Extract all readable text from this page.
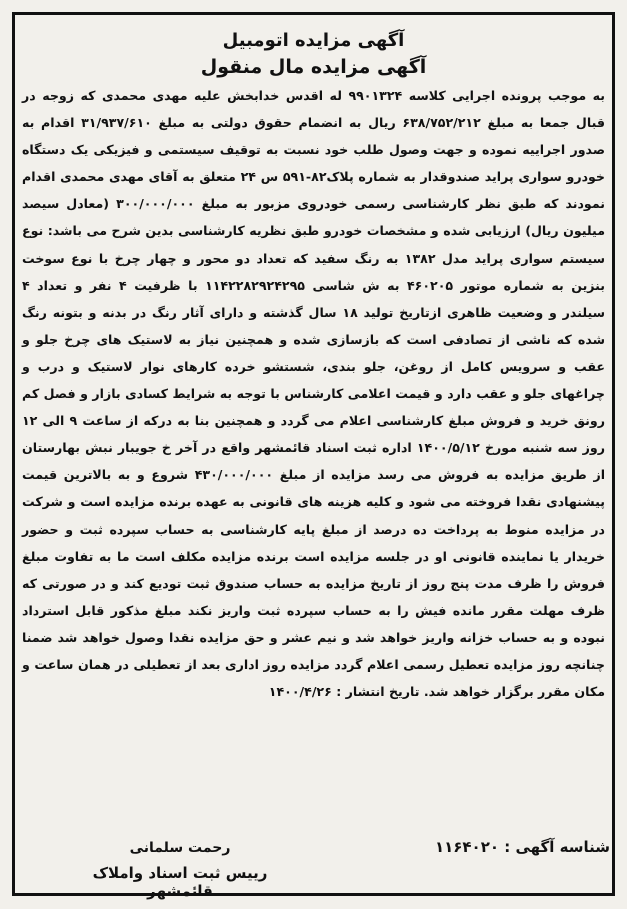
آگهی مزایده اتومبیل

آگهی مزایده مال منقول

به موجب پرونده اجرایی کلاسه ۹۹۰۱۳۲۴ له اقدس خدابخش علیه مهدی محمدی که زوجه در قبال جمعا به مبلغ ۶۳۸/۷۵۲/۲۱۲ ریال به انضمام حقوق دولتی به مبلغ ۳۱/۹۳۷/۶۱۰ اقدام به صدور اجراییه نموده و جهت وصول طلب خود نسبت به توقیف سیستمی و فیزیکی یک دستگاه خودرو سواری پراید صندوقدار به شماره پلاک۸۲-۵۹۱ س ۲۴ متعلق به آقای مهدی محمدی اقدام نمودند که طبق نظر کارشناسی رسمی خودروی مزبور به مبلغ ۳۰۰/۰۰۰/۰۰۰ (معادل سیصد میلیون ریال) ارزیابی شده و مشخصات خودرو طبق نظریه کارشناسی بدین شرح می باشد: نوع سیستم سواری پراید مدل ۱۳۸۲ به رنگ سفید که تعداد دو محور و چهار چرخ با نوع سوخت بنزین به شماره موتور ۴۶۰۲۰۵ به ش شاسی ۱۱۴۲۲۸۲۹۲۴۲۹۵ با ظرفیت ۴ نفر و تعداد ۴ سیلندر و وضعیت ظاهری ازتاریخ تولید ۱۸ سال گذشته و دارای آثار رنگ در بدنه و بتونه رنگ شده که ناشی از تصادفی است که بازسازی شده و همچنین نیاز به لاستیک های چرخ جلو و عقب و سرویس کامل از روغن، جلو بندی، شستشو خرده کارهای نوار لاستیک و درب و چراغهای جلو و عقب دارد و قیمت اعلامی کارشناس با توجه به شرایط کسادی بازار و فصل کم رونق خرید و فروش مبلغ کارشناسی اعلام می گردد و همچنین بنا به درکه از ساعت ۹ الی ۱۲ روز سه شنبه مورخ ۱۴۰۰/۵/۱۲ اداره ثبت اسناد قائمشهر واقع در آخر خ جویبار نبش بهارستان از طریق مزایده به فروش می رسد مزایده از مبلغ ۴۳۰/۰۰۰/۰۰۰ شروع و به بالاترین قیمت پیشنهادی نقدا فروخته می شود و کلیه هزینه های قانونی به عهده برنده مزایده است و شرکت در مزایده منوط به پرداخت ده درصد از مبلغ پایه کارشناسی به حساب سپرده ثبت و حضور خریدار یا نماینده قانونی او در جلسه مزایده است برنده مزایده مکلف است ما به تفاوت مبلغ فروش را ظرف مدت پنج روز از تاریخ مزایده به حساب صندوق ثبت تودیع کند و در صورتی که ظرف مهلت مقرر مانده فیش را به حساب سپرده ثبت واریز نکند مبلغ مذکور قابل استرداد نبوده و به حساب خزانه واریز خواهد شد و نیم عشر و حق مزایده نقدا وصول خواهد شد ضمنا چنانچه روز مزایده تعطیل رسمی اعلام گردد مزایده روز اداری بعد از تعطیلی در همان ساعت و مکان مقرر برگزار خواهد شد. تاریخ انتشار : ۱۴۰۰/۴/۲۶

شناسه آگهی : ۱۱۶۴۰۲۰
رحمت سلمانی
رییس ثبت اسناد واملاک قائمشهر
